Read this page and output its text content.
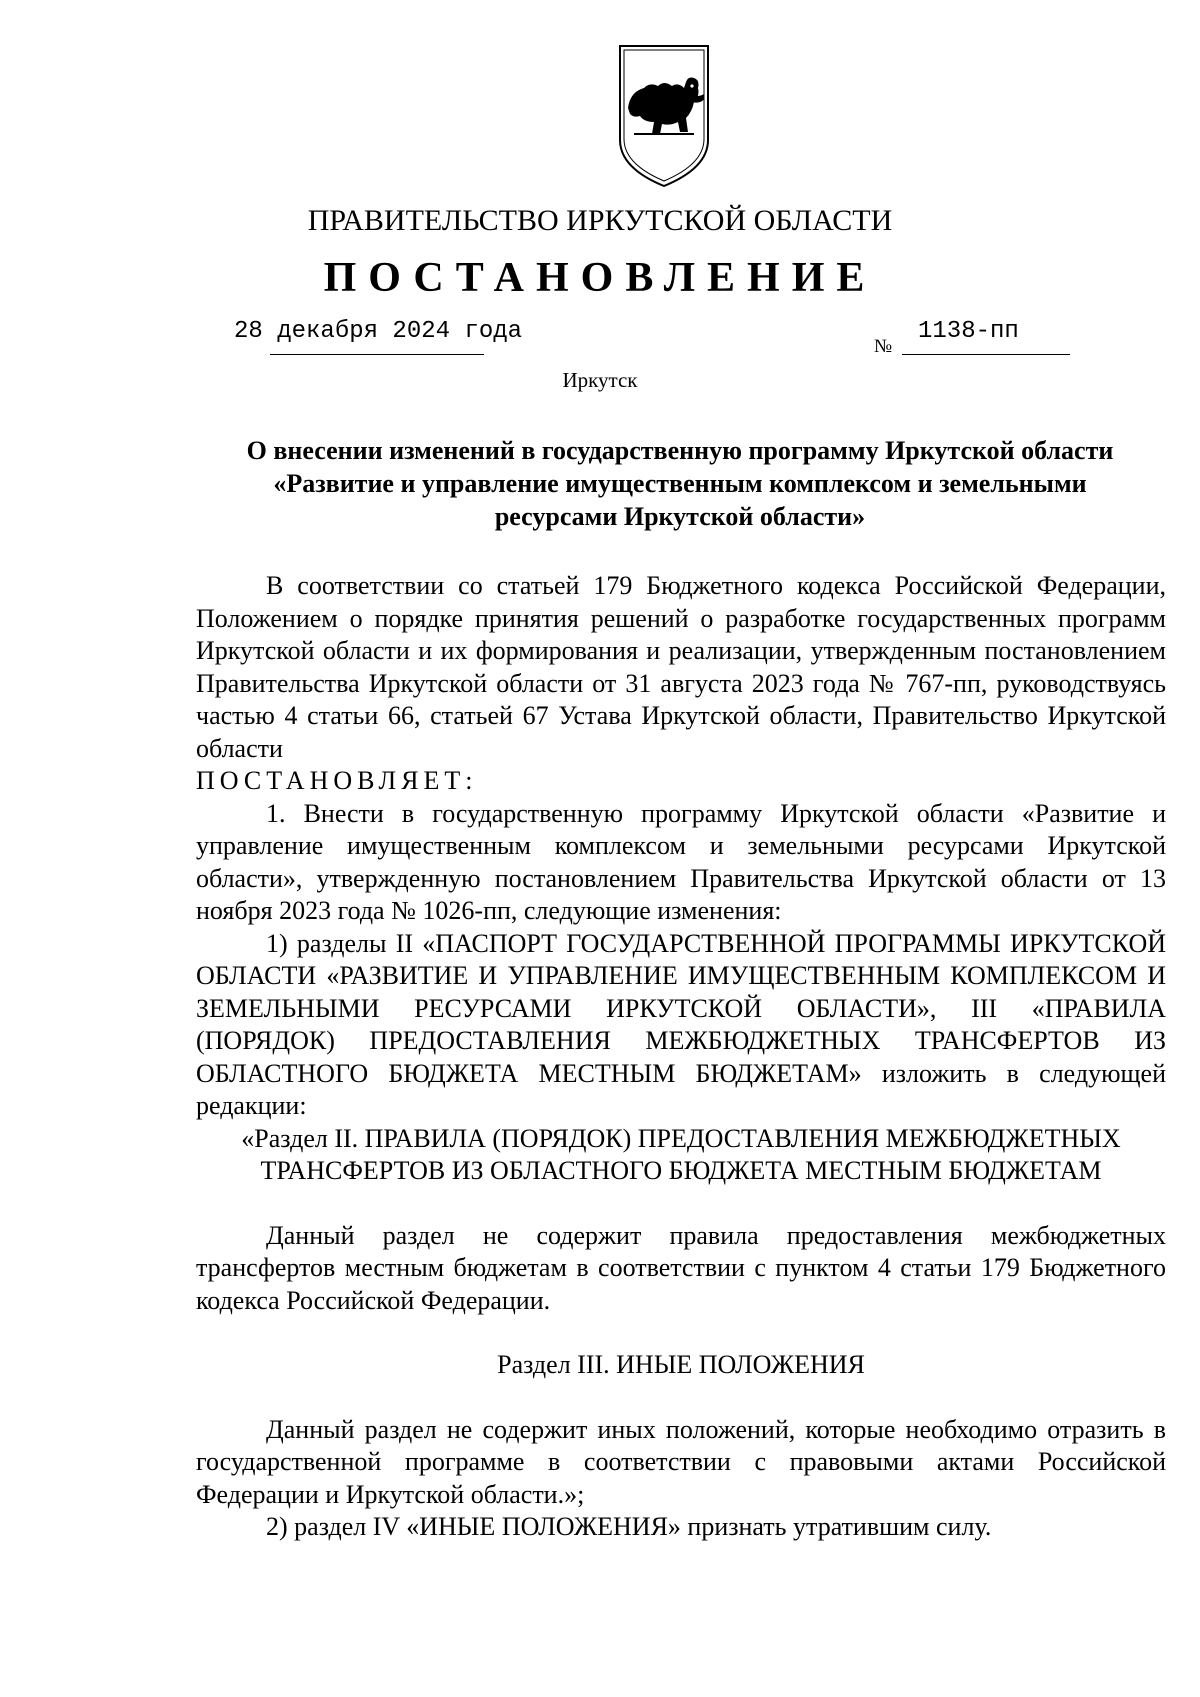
ПРАВИТЕЛЬСТВО ИРКУТСКОЙ ОБЛАСТИ
ПОСТАНОВЛЕНИЕ
28 декабря 2024 года
№
1138-пп
Иркутск
О внесении изменений в государственную программу Иркутской области
«Развитие и управление имущественным комплексом и земельными
ресурсами Иркутской области»

В соответствии со статьей 179 Бюджетного кодекса Российской Федерации, Положением о порядке принятия решений о разработке государственных программ Иркутской области и их формирования и реализации, утвержденным постановлением Правительства Иркутской области от 31 августа 2023 года № 767-пп, руководствуясь частью 4 статьи 66, статьей 67 Устава Иркутской области, Правительство Иркутской области

ПОСТАНОВЛЯЕТ:

1. Внести в государственную программу Иркутской области «Развитие и управление имущественным комплексом и земельными ресурсами Иркутской области», утвержденную постановлением Правительства Иркутской области от 13 ноября 2023 года № 1026-пп, следующие изменения:

1) разделы II «ПАСПОРТ ГОСУДАРСТВЕННОЙ ПРОГРАММЫ ИРКУТСКОЙ ОБЛАСТИ «РАЗВИТИЕ И УПРАВЛЕНИЕ ИМУЩЕСТВЕННЫМ КОМПЛЕКСОМ И ЗЕМЕЛЬНЫМИ РЕСУРСАМИ ИРКУТСКОЙ ОБЛАСТИ», III «ПРАВИЛА (ПОРЯДОК) ПРЕДОСТАВЛЕНИЯ МЕЖБЮДЖЕТНЫХ ТРАНСФЕРТОВ ИЗ ОБЛАСТНОГО БЮДЖЕТА МЕСТНЫМ БЮДЖЕТАМ» изложить в следующей редакции:

«Раздел II. ПРАВИЛА (ПОРЯДОК) ПРЕДОСТАВЛЕНИЯ МЕЖБЮДЖЕТНЫХ

ТРАНСФЕРТОВ ИЗ ОБЛАСТНОГО БЮДЖЕТА МЕСТНЫМ БЮДЖЕТАМ

Данный раздел не содержит правила предоставления межбюджетных трансфертов местным бюджетам в соответствии с пунктом 4 статьи 179 Бюджетного кодекса Российской Федерации.

Раздел III. ИНЫЕ ПОЛОЖЕНИЯ

Данный раздел не содержит иных положений, которые необходимо отразить в государственной программе в соответствии с правовыми актами Российской Федерации и Иркутской области.»;

2) раздел IV «ИНЫЕ ПОЛОЖЕНИЯ» признать утратившим силу.
